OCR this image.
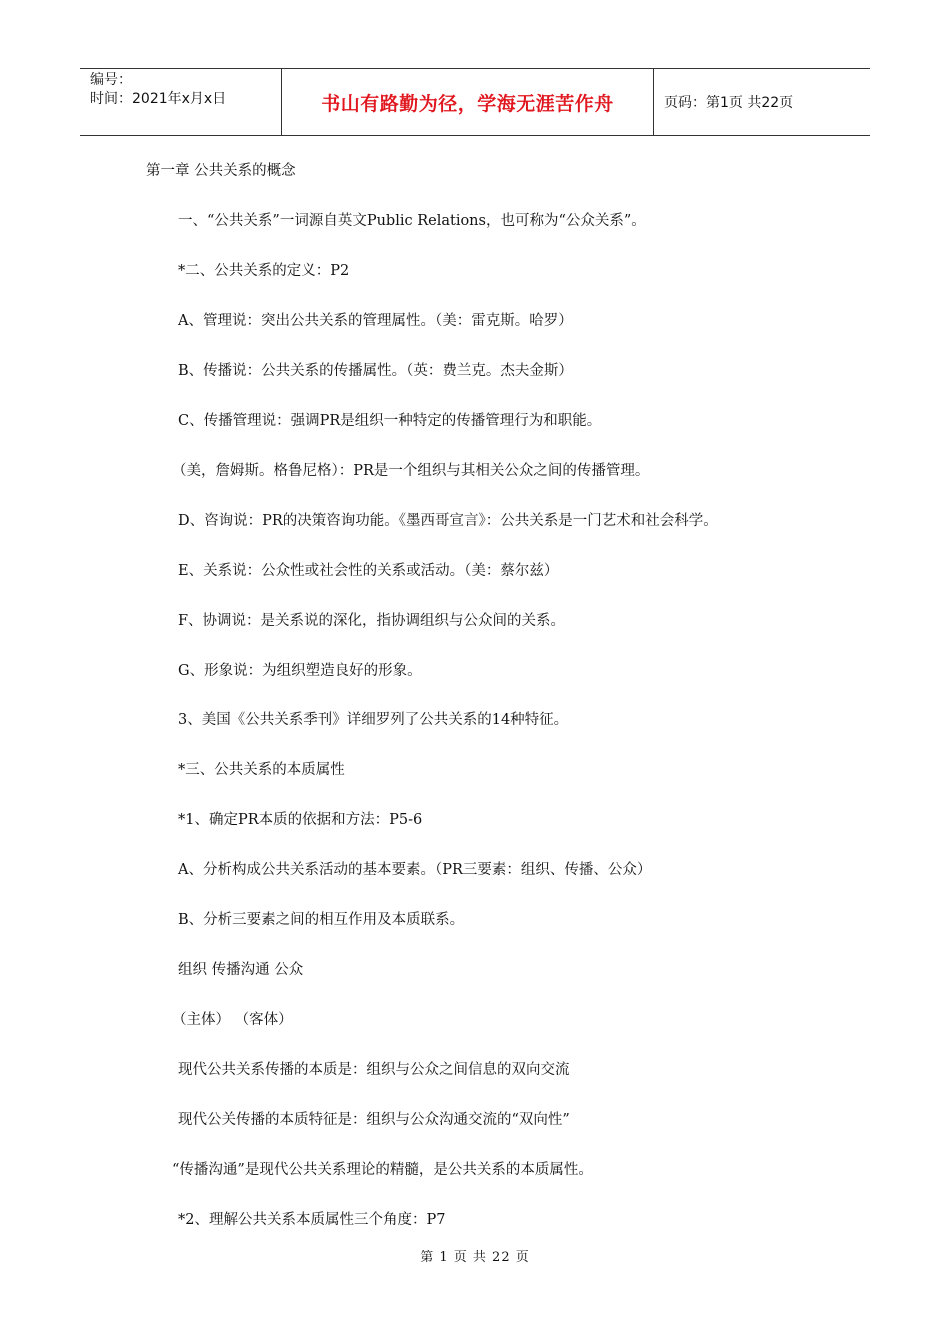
编号：
时间：2021年x月x日	书山有路勤为径，学海无涯苦作舟	页码：第1页 共22页
第一章 公共关系的概念
一、“公共关系”一词源自英文Public Relations，也可称为“公众关系”。
*二、公共关系的定义：P2
A、管理说：突出公共关系的管理属性。（美：雷克斯。哈罗）
B、传播说：公共关系的传播属性。（英：费兰克。杰夫金斯）
C、传播管理说：强调PR是组织一种特定的传播管理行为和职能。
（美，詹姆斯。格鲁尼格）：PR是一个组织与其相关公众之间的传播管理。
D、咨询说：PR的决策咨询功能。《墨西哥宣言》：公共关系是一门艺术和社会科学。
E、关系说：公众性或社会性的关系或活动。（美：蔡尔兹）
F、协调说：是关系说的深化，指协调组织与公众间的关系。
G、形象说：为组织塑造良好的形象。
3、美国《公共关系季刊》详细罗列了公共关系的14种特征。
*三、公共关系的本质属性
*1、确定PR本质的依据和方法：P5-6
A、分析构成公共关系活动的基本要素。（PR三要素：组织、传播、公众）
B、分析三要素之间的相互作用及本质联系。
组织 传播沟通 公众
（主体） （客体）
现代公共关系传播的本质是：组织与公众之间信息的双向交流
现代公关传播的本质特征是：组织与公众沟通交流的“双向性”
“传播沟通”是现代公共关系理论的精髓，是公共关系的本质属性。
*2、理解公共关系本质属性三个角度：P7
第 1 页 共 22 页
